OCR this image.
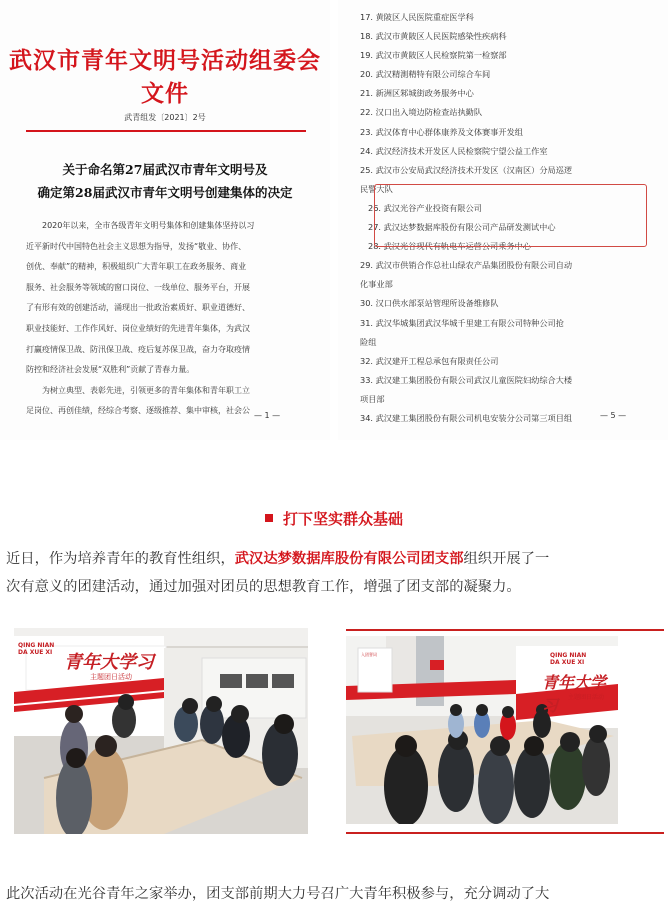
武汉市青年文明号活动组委会文件
武青组发〔2021〕2号
关于命名第27届武汉市青年文明号及
确定第28届武汉市青年文明号创建集体的决定
2020年以来，全市各级青年文明号集体和创建集体坚持以习
近平新时代中国特色社会主义思想为指导，发扬“敬业、协作、
创优、奉献”的精神，积极組织广大青年职工在政务服务、商业
服务、社会服务等领域的窗口岗位、一线单位、服务平台，开展
了有形有效的创建活动，涌现出一批政治素质好、职业道德好、
职业技能好、工作作风好、岗位业绩好的先进青年集体，为武汉
打赢疫情保卫战、防汛保卫战、疫后复苏保卫战，奋力夺取疫情
防控和经济社会发展“双胜利”贡献了青春力量。
为树立典型、表彰先进，引领更多的青年集体和青年职工立
足岗位、再创佳绩，经综合考察、逐级推荐、集中审核，社会公
— 1 —
17. 黄陂区人民医院重症医学科
18. 武汉市黄陂区人民医院感染性疾病科
19. 武汉市黄陂区人民检察院第一检察部
20. 武汉精測精特有限公司综合车间
21. 新洲区邾城街政务服务中心
22. 汉口出入境边防检查站执勤队
23. 武汉体育中心群体康养及文体赛事开发组
24. 武汉经济技术开发区人民检察院宁望公益工作室
25. 武汉市公安局武汉经济技术开发区（汉南区）分局巡逻
民警大队
26. 武汉光谷产业投资有限公司
27. 武汉达梦数据库股份有限公司产品研发测试中心
28. 武汉光谷现代有轨电车运营公司乘务中心
29. 武汉市供销合作总社山绿农产品集团股份有限公司自动
化事业部
30. 汉口供水部泵站管理所设备维修队
31. 武汉华城集团武汉华城千里建工有限公司特种公司抢
险组
32. 武汉建开工程总承包有限责任公司
33. 武汉建工集团股份有限公司武汉儿童医院妇幼综合大楼
项目部
34. 武汉建工集团股份有限公司机电安装分公司第三项目组	— 5 —
打下坚实群众基础
近日，作为培养青年的教育性组织，武汉达梦数据库股份有限公司团支部组织开展了一
次有意义的团建活动，通过加强对团员的思想教育工作，增强了团支部的凝聚力。
QING NIAN
DA XUE XI 青年大学习
主题团日活动
入团誓词	QING NIAN
DA XUE XI
青年大学习	主题团日活动
此次活动在光谷青年之家举办，团支部前期大力号召广大青年积极参与，充分调动了大
